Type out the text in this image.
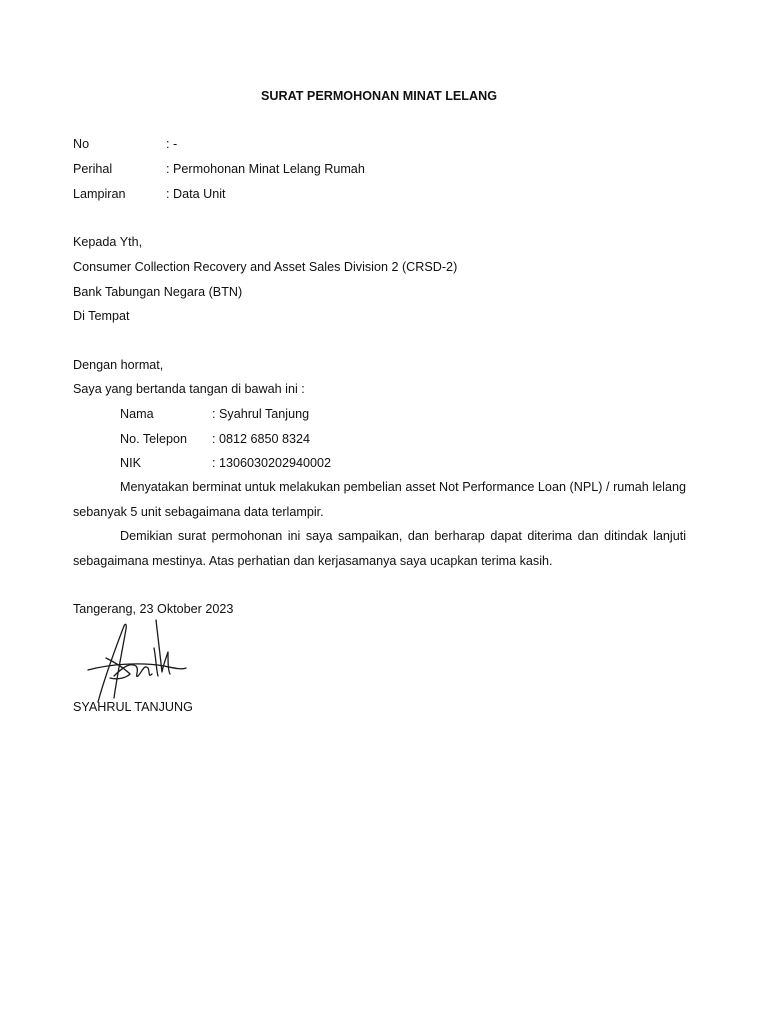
SURAT PERMOHONAN MINAT LELANG
No	: -
Perihal	: Permohonan Minat Lelang Rumah
Lampiran	: Data Unit
Kepada Yth,
Consumer Collection Recovery and Asset Sales Division 2 (CRSD-2)
Bank Tabungan Negara (BTN)
Di Tempat
Dengan hormat,
Saya yang bertanda tangan di bawah ini :
Nama	: Syahrul Tanjung
No. Telepon : 0812 6850 8324
NIK	: 1306030202940002
Menyatakan berminat untuk melakukan pembelian asset Not Performance Loan (NPL) / rumah lelang sebanyak 5 unit sebagaimana data terlampir.
Demikian surat permohonan ini saya sampaikan, dan berharap dapat diterima dan ditindak lanjuti sebagaimana mestinya. Atas perhatian dan kerjasamanya saya ucapkan terima kasih.
Tangerang, 23 Oktober 2023
SYAHRUL TANJUNG
